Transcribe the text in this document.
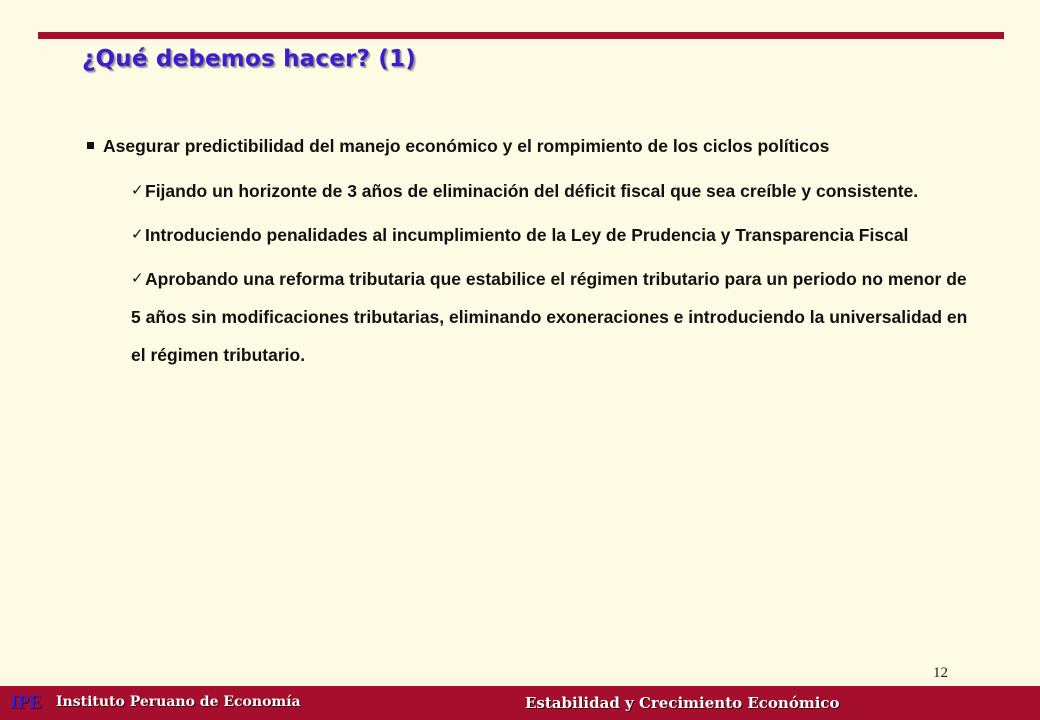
¿Qué debemos hacer? (1)
Asegurar predictibilidad del manejo económico y el rompimiento de los ciclos políticos
✓ Fijando un horizonte de 3 años de eliminación del déficit fiscal que sea creíble y consistente.
✓ Introduciendo penalidades al incumplimiento de la Ley de Prudencia y Transparencia Fiscal
✓ Aprobando una reforma tributaria que estabilice el régimen tributario para un periodo no menor de 5 años sin modificaciones tributarias, eliminando exoneraciones e introduciendo la universalidad en el régimen tributario.
12
IPE Instituto Peruano de Economía	Estabilidad y Crecimiento Económico
